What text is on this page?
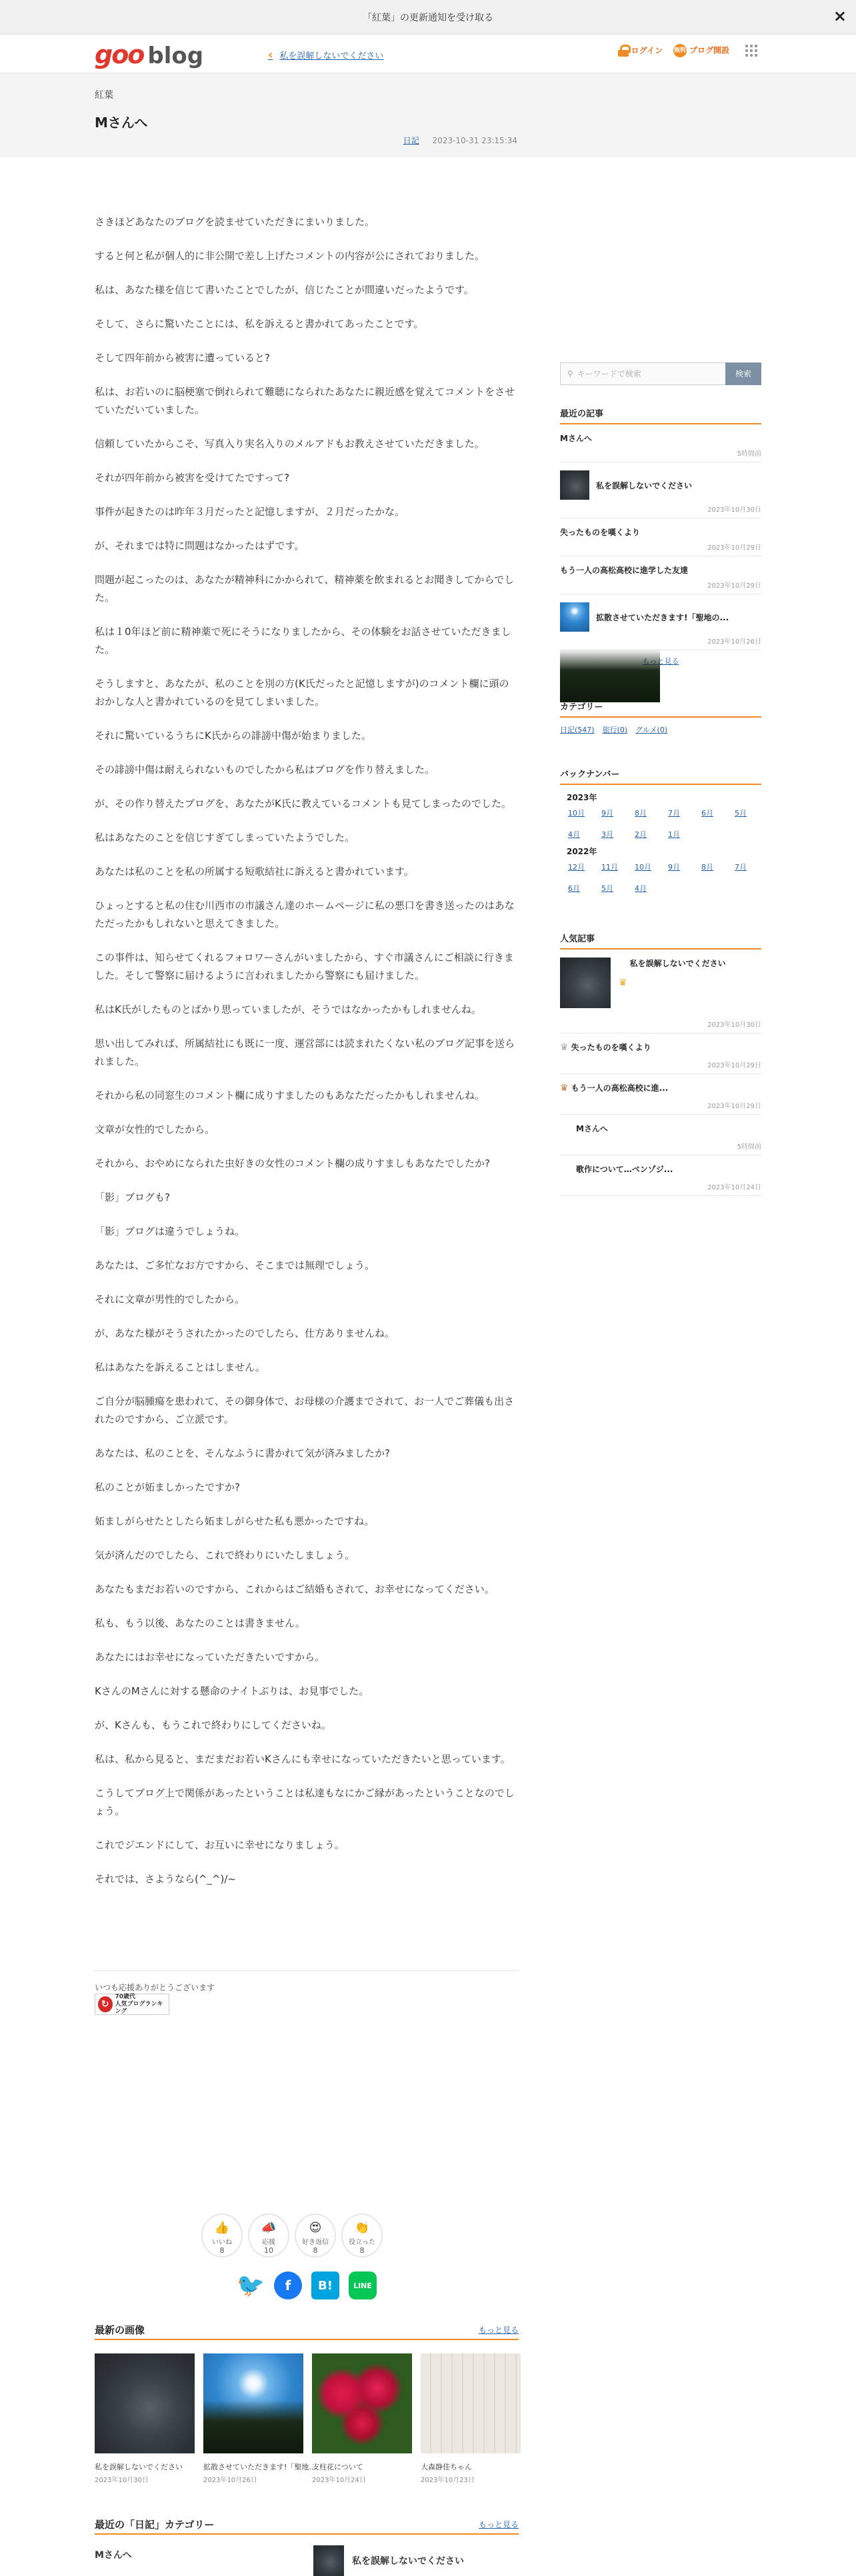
「紅葉」の更新通知を受け取る	×
goo blog	‹ 私を誤解しないでください
ログイン 無料 ブログ開設
紅葉
Mさんへ
日記 2023-10-31 23:15:34

さきほどあなたのブログを読ませていただきにまいりました。

すると何と私が個人的に非公開で差し上げたコメントの内容が公にされておりました。

私は、あなた様を信じて書いたことでしたが、信じたことが間違いだったようです。

そして、さらに驚いたことには、私を訴えると書かれてあったことです。

そして四年前から被害に遭っていると?

私は、お若いのに脳梗塞で倒れられて難聴になられたあなたに親近感を覚えてコメントをさせていただいていました。

信頼していたからこそ、写真入り実名入りのメルアドもお教えさせていただきました。

それが四年前から被害を受けてたですって?

事件が起きたのは昨年３月だったと記憶しますが、２月だったかな。

が、それまでは特に問題はなかったはずです。

問題が起こったのは、あなたが精神科にかかられて、精神薬を飲まれるとお聞きしてからでした。

私は１0年ほど前に精神薬で死にそうになりましたから、その体験をお話させていただきました。

そうしますと、あなたが、私のことを別の方(K氏だったと記憶しますが)のコメント欄に頭のおかしな人と書かれているのを見てしまいました。

それに驚いているうちにK氏からの誹謗中傷が始まりました。

その誹謗中傷は耐えられないものでしたから私はブログを作り替えました。

が、その作り替えたブログを、あなたがK氏に教えているコメントも見てしまったのでした。

私はあなたのことを信じすぎてしまっていたようでした。

あなたは私のことを私の所属する短歌結社に訴えると書かれています。

ひょっとすると私の住む川西市の市議さん達のホームページに私の悪口を書き送ったのはあなただったかもしれないと思えてきました。

この事件は、知らせてくれるフォロワーさんがいましたから、すぐ市議さんにご相談に行きました。そして警察に届けるように言われましたから警察にも届けました。

私はK氏がしたものとばかり思っていましたが、そうではなかったかもしれませんね。

思い出してみれば、所属結社にも既に一度、運営部には読まれたくない私のブログ記事を送られました。

それから私の同窓生のコメント欄に成りすましたのもあなただったかもしれませんね。

文章が女性的でしたから。

それから、おやめになられた虫好きの女性のコメント欄の成りすましもあなたでしたか?

「影」ブログも?

「影」ブログは違うでしょうね。

あなたは、ご多忙なお方ですから、そこまでは無理でしょう。

それに文章が男性的でしたから。

が、あなた様がそうされたかったのでしたら、仕方ありませんね。

私はあなたを訴えることはしません。

ご自分が脳腫瘍を患われて、その御身体で、お母様の介護までされて、お一人でご葬儀も出されたのですから、ご立派です。

あなたは、私のことを、そんなふうに書かれて気が済みましたか?

私のことが妬ましかったですか?

妬ましがらせたとしたら妬ましがらせた私も悪かったですね。

気が済んだのでしたら、これで終わりにいたしましょう。

あなたもまだお若いのですから、これからはご結婚もされて、お幸せになってください。

私も、もう以後、あなたのことは書きません。

あなたにはお幸せになっていただきたいですから。

KさんのMさんに対する懸命のナイトぶりは、お見事でした。

が、Kさんも、もうこれで終わりにしてくださいね。

私は、私から見ると、まだまだお若いKさんにも幸せになっていただきたいと思っています。

こうしてブログ上で関係があったということは私達もなにかご縁があったということなのでしょう。

これでジエンドにして、お互いに幸せになりましょう。

それでは、さようなら(^_^)/~

いつも応援ありがとうございます
↻
70歳代
人気ブログランキング
👍
いいね
8
📣
応援
10
😍
好き返信
8
👏
役立った
8
🐦	f	B!	LINE
最新の画像	もっと見る
私を誤解しないでください
2023年10月30日
拡散させていただきます!「聖地...
2023年10月26日
支柱花について
2023年10月24日
大森静佳ちゃん
2023年10月23日
最近の「日記」カテゴリー	もっと見る
Mさんへ
私を誤解しないでください
⚲ キーワードで検索	検索
最近の記事
Mさんへ
5時間前
私を誤解しないでください
2023年10月30日
失ったものを嘆くより
2023年10月29日
もう一人の高松高校に進学した友達
2023年10月29日
拡散させていただきます!「聖地の...
2023年10月26日
もっと見る
カテゴリー
日記(547) 旅行(0) グルメ(0)
バックナンバー
2023年
10月	9月	8月	7月	6月	5月
4月	3月	2月	1月
2022年
12月	11月	10月	9月	8月	7月
6月	5月	4月
人気記事
♛
私を誤解しないでください
2023年10月30日
♛ 失ったものを嘆くより
2023年10月29日
♛ もう一人の高松高校に進...
2023年10月29日
Mさんへ
5時間前
歌作について…ベンゾジ...
2023年10月24日
